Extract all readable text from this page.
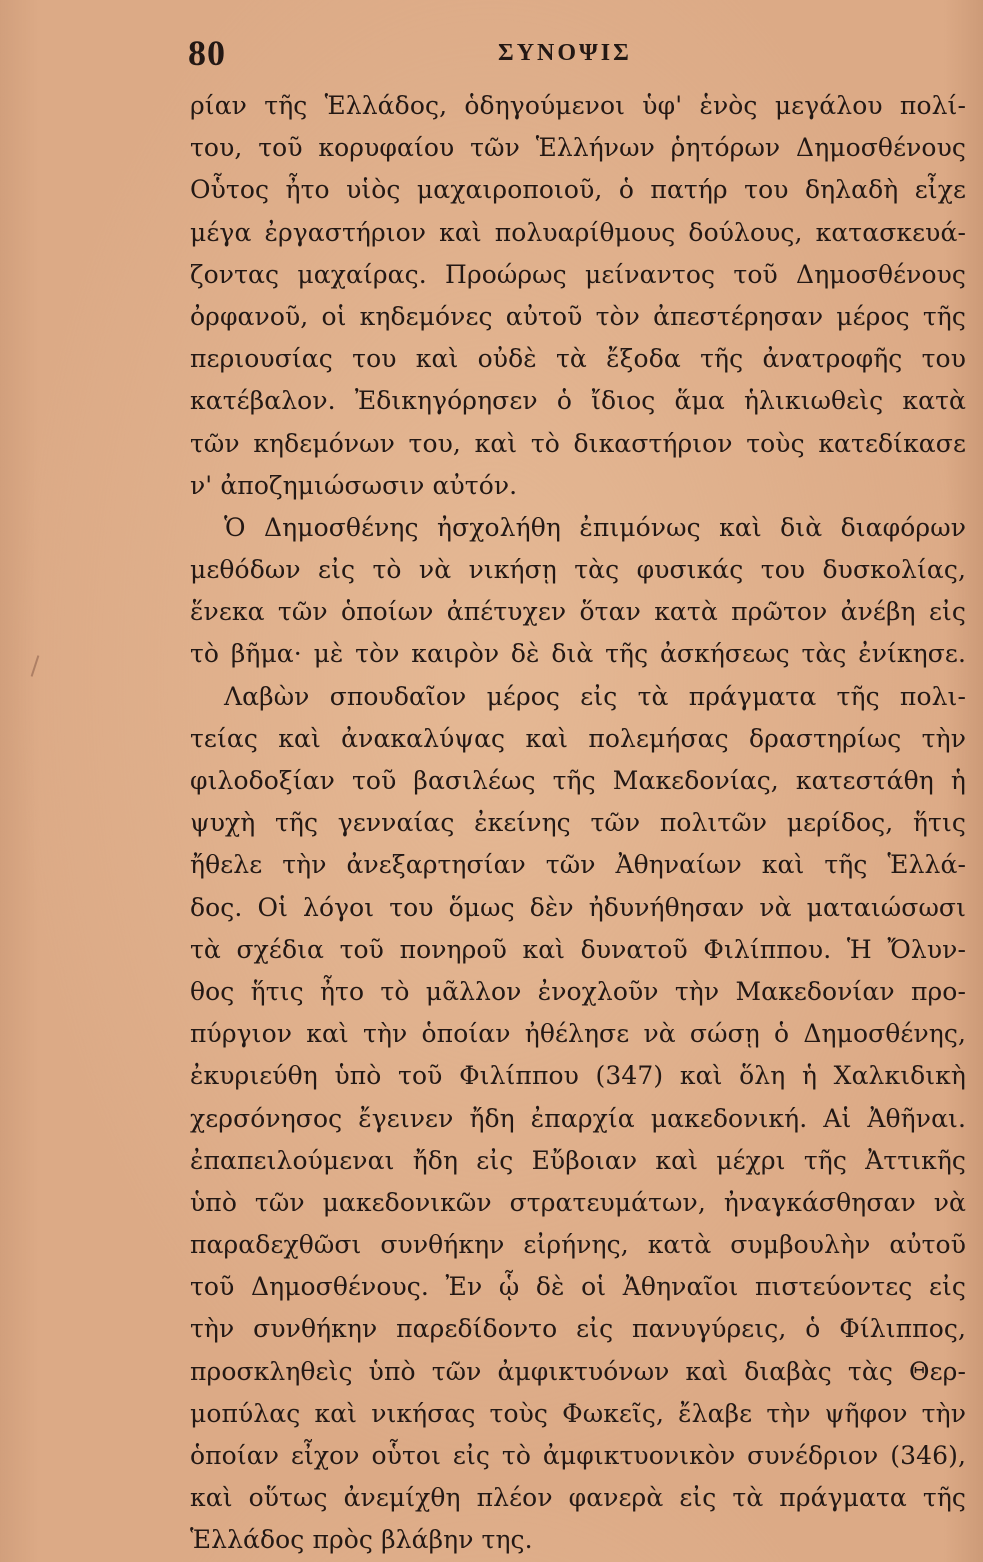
80	ΣΥΝΟΨΙΣ
ρίαν τῆς Ἑλλάδος, ὁδηγούμενοι ὑφ' ἑνὸς μεγάλου πολί-
του, τοῦ κορυφαίου τῶν Ἑλλήνων ῥητόρων Δημοσθένους
Οὗτος ἦτο υἱὸς μαχαιροποιοῦ, ὁ πατήρ του δηλαδὴ εἶχε
μέγα ἐργαστήριον καὶ πολυαρίθμους δούλους, κατασκευά-
ζοντας μαχαίρας. Προώρως μείναντος τοῦ Δημοσθένους
ὀρφανοῦ, οἱ κηδεμόνες αὐτοῦ τὸν ἀπεστέρησαν μέρος τῆς
περιουσίας του καὶ οὐδὲ τὰ ἔξοδα τῆς ἀνατροφῆς του
κατέβαλον. Ἐδικηγόρησεν ὁ ἴδιος ἅμα ἡλικιωθεὶς κατὰ
τῶν κηδεμόνων του, καὶ τὸ δικαστήριον τοὺς κατεδίκασε
ν' ἀποζημιώσωσιν αὐτόν.
Ὁ Δημοσθένης ἠσχολήθη ἐπιμόνως καὶ διὰ διαφόρων
μεθόδων εἰς τὸ νὰ νικήσῃ τὰς φυσικάς του δυσκολίας,
ἕνεκα τῶν ὁποίων ἀπέτυχεν ὅταν κατὰ πρῶτον ἀνέβη εἰς
τὸ βῆμα· μὲ τὸν καιρὸν δὲ διὰ τῆς ἀσκήσεως τὰς ἐνίκησε.
Λαβὼν σπουδαῖον μέρος εἰς τὰ πράγματα τῆς πολι-
τείας καὶ ἀνακαλύψας καὶ πολεμήσας δραστηρίως τὴν
φιλοδοξίαν τοῦ βασιλέως τῆς Μακεδονίας, κατεστάθη ἡ
ψυχὴ τῆς γενναίας ἐκείνης τῶν πολιτῶν μερίδος, ἥτις
ἤθελε τὴν ἀνεξαρτησίαν τῶν Ἀθηναίων καὶ τῆς Ἑλλά-
δος. Οἱ λόγοι του ὅμως δὲν ἠδυνήθησαν νὰ ματαιώσωσι
τὰ σχέδια τοῦ πονηροῦ καὶ δυνατοῦ Φιλίππου. Ἡ Ὄλυν-
θος ἥτις ἦτο τὸ μᾶλλον ἐνοχλοῦν τὴν Μακεδονίαν προ-
πύργιον καὶ τὴν ὁποίαν ἠθέλησε νὰ σώσῃ ὁ Δημοσθένης,
ἐκυριεύθη ὑπὸ τοῦ Φιλίππου (347) καὶ ὅλη ἡ Χαλκιδικὴ
χερσόνησος ἔγεινεν ἤδη ἐπαρχία μακεδονική. Αἱ Ἀθῆναι.
ἐπαπειλούμεναι ἤδη εἰς Εὔβοιαν καὶ μέχρι τῆς Ἀττικῆς
ὑπὸ τῶν μακεδονικῶν στρατευμάτων, ἠναγκάσθησαν νὰ
παραδεχθῶσι συνθήκην εἰρήνης, κατὰ συμβουλὴν αὐτοῦ
τοῦ Δημοσθένους. Ἐν ᾧ δὲ οἱ Ἀθηναῖοι πιστεύοντες εἰς
τὴν συνθήκην παρεδίδοντο εἰς πανυγύρεις, ὁ Φίλιππος,
προσκληθεὶς ὑπὸ τῶν ἀμφικτυόνων καὶ διαβὰς τὰς Θερ-
μοπύλας καὶ νικήσας τοὺς Φωκεῖς, ἔλαβε τὴν ψῆφον τὴν
ὁποίαν εἶχον οὗτοι εἰς τὸ ἀμφικτυονικὸν συνέδριον (346),
καὶ οὕτως ἀνεμίχθη πλέον φανερὰ εἰς τὰ πράγματα τῆς
Ἑλλάδος πρὸς βλάβην της.
